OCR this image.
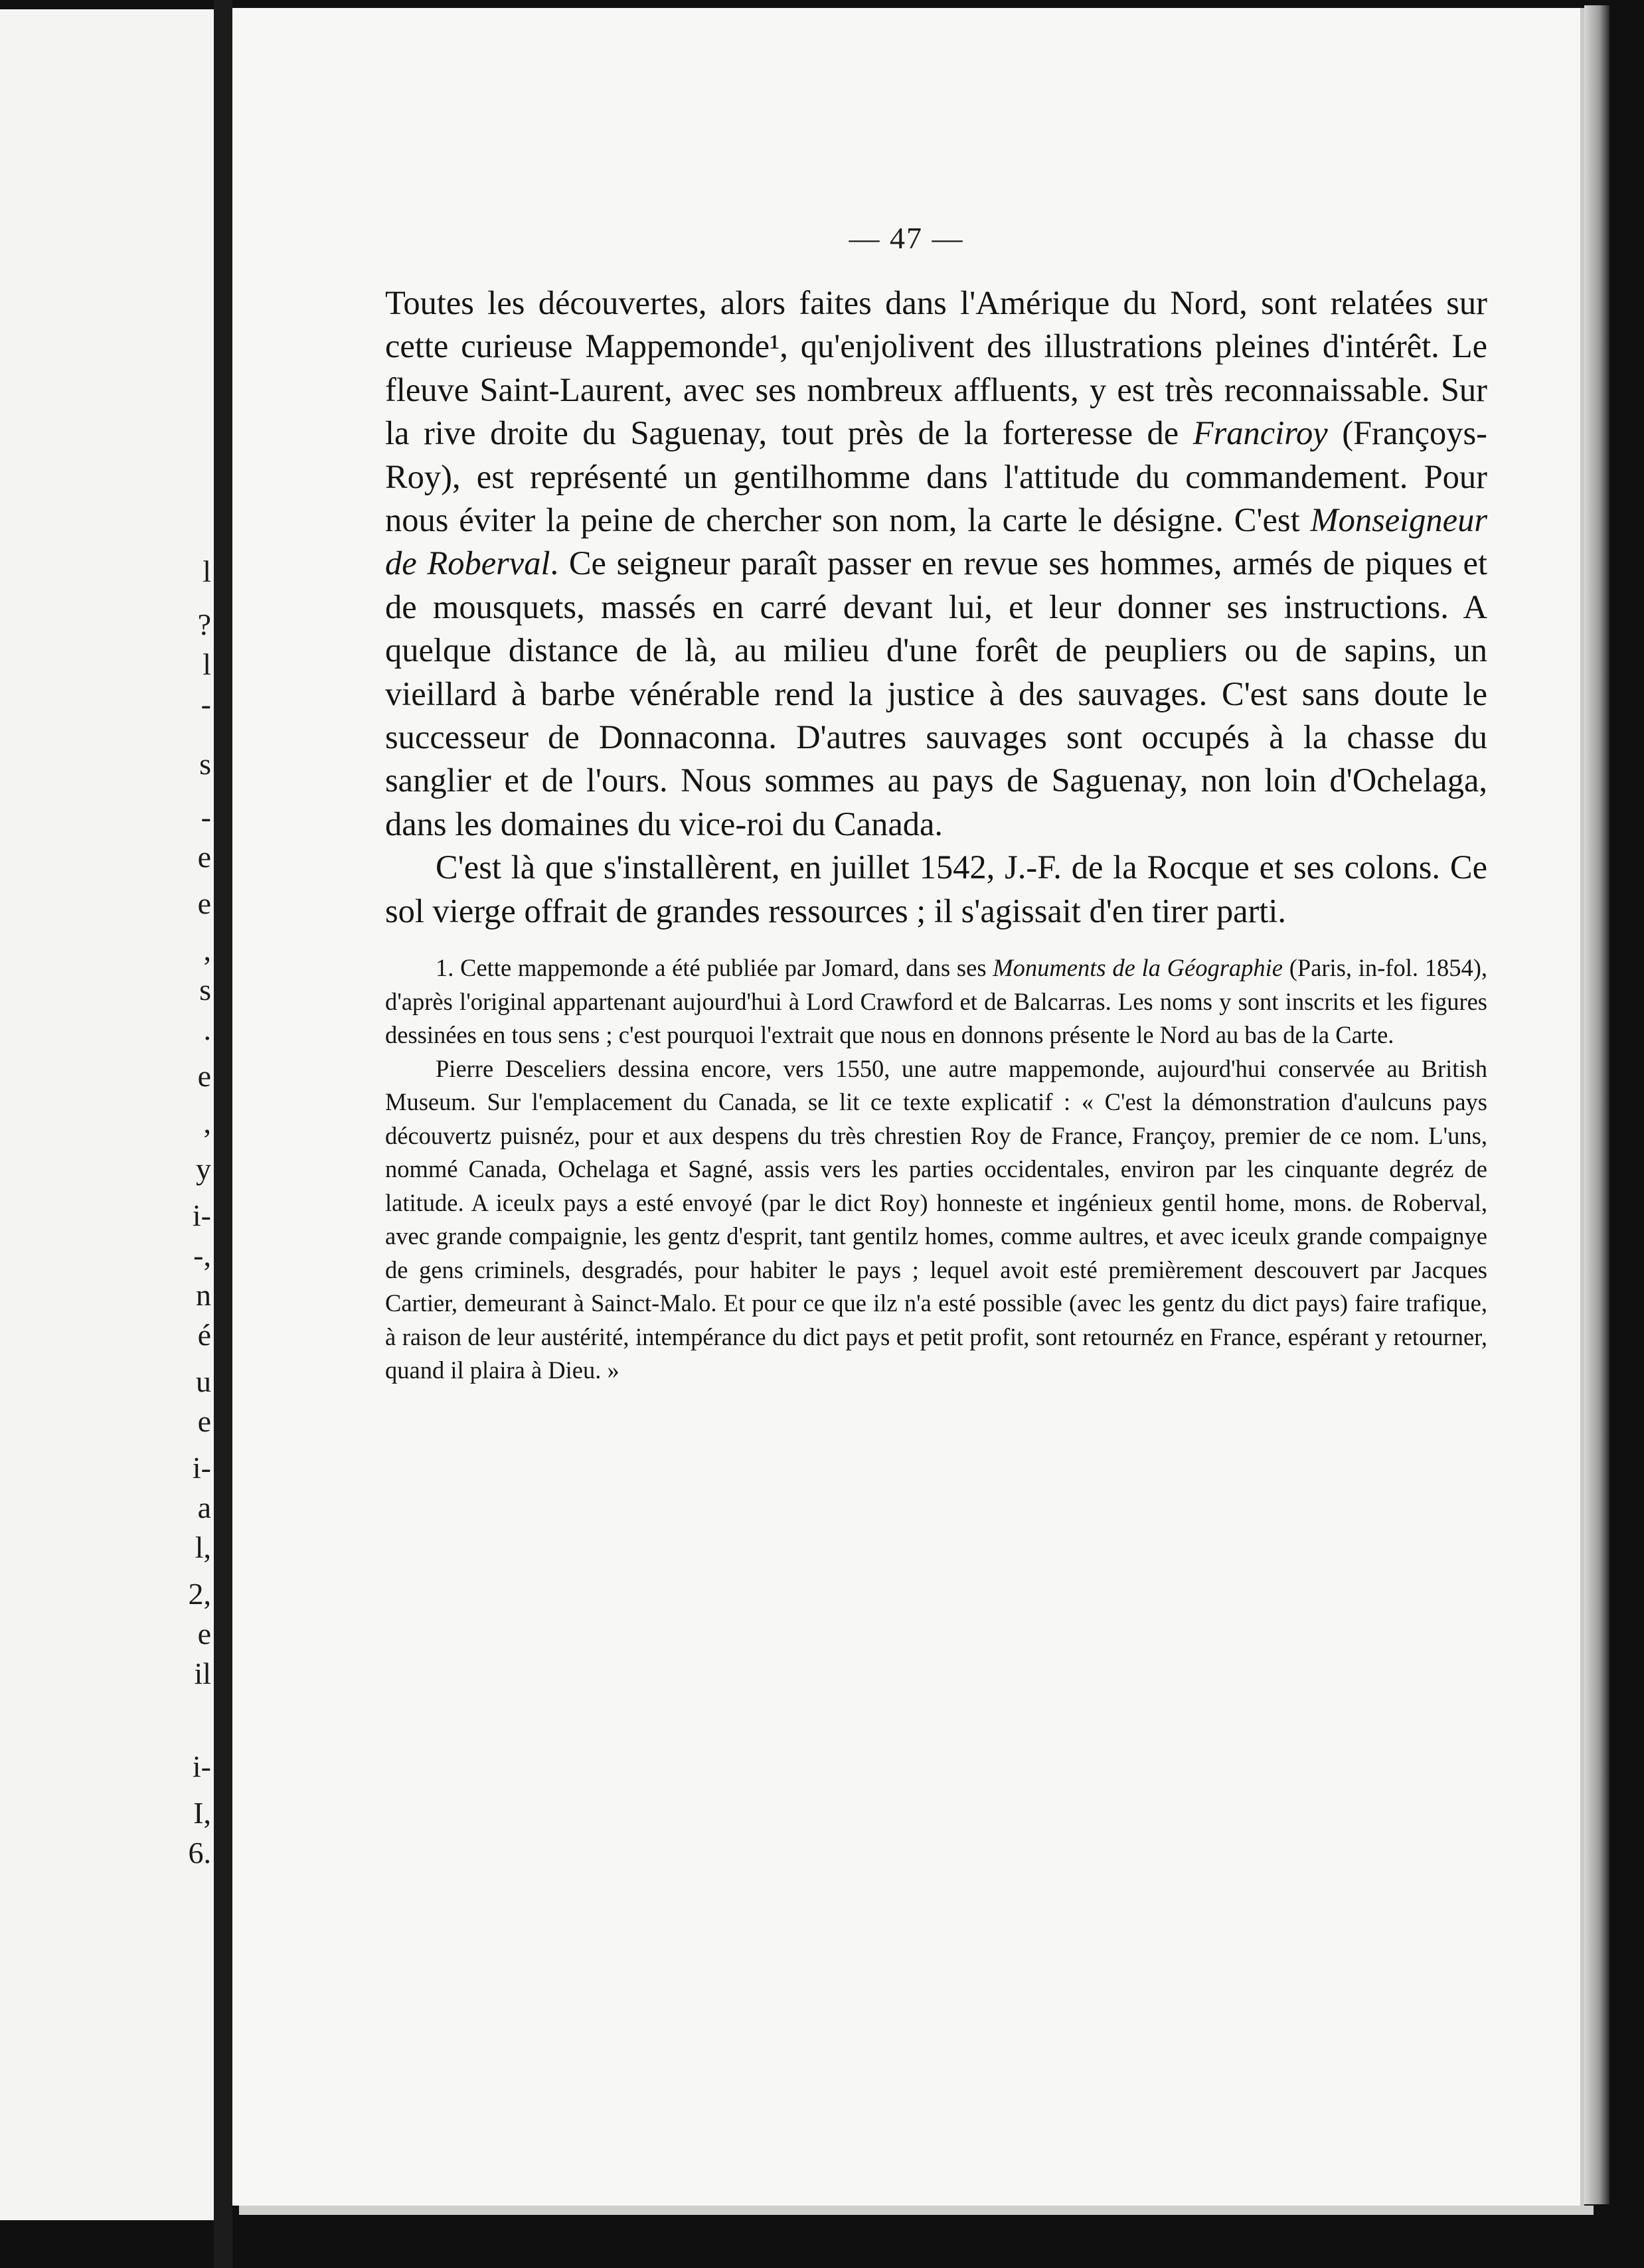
l
?
l
-
s
-
e
e
,
s
.
e
,
y
i-
-,
n
é
u
e
i-
a
l,
2,
e
il
i-
I,
6.
— 47 —

Toutes les découvertes, alors faites dans l'Amérique du Nord, sont relatées sur cette curieuse Mappemonde¹, qu'enjolivent des illustrations pleines d'intérêt. Le fleuve Saint-Laurent, avec ses nombreux affluents, y est très reconnaissable. Sur la rive droite du Saguenay, tout près de la forteresse de Franciroy (Françoys-Roy), est représenté un gentilhomme dans l'attitude du commandement. Pour nous éviter la peine de chercher son nom, la carte le désigne. C'est Monseigneur de Roberval. Ce seigneur paraît passer en revue ses hommes, armés de piques et de mousquets, massés en carré devant lui, et leur donner ses instructions. A quelque distance de là, au milieu d'une forêt de peupliers ou de sapins, un vieillard à barbe vénérable rend la justice à des sauvages. C'est sans doute le successeur de Donnaconna. D'autres sauvages sont occupés à la chasse du sanglier et de l'ours. Nous sommes au pays de Saguenay, non loin d'Ochelaga, dans les domaines du vice-roi du Canada.

C'est là que s'installèrent, en juillet 1542, J.-F. de la Rocque et ses colons. Ce sol vierge offrait de grandes ressources ; il s'agissait d'en tirer parti.

1. Cette mappemonde a été publiée par Jomard, dans ses Monuments de la Géographie (Paris, in-fol. 1854), d'après l'original appartenant aujourd'hui à Lord Crawford et de Balcarras. Les noms y sont inscrits et les figures dessinées en tous sens ; c'est pourquoi l'extrait que nous en donnons présente le Nord au bas de la Carte.

Pierre Desceliers dessina encore, vers 1550, une autre mappemonde, aujourd'hui conservée au British Museum. Sur l'emplacement du Canada, se lit ce texte explicatif : « C'est la démonstration d'aulcuns pays découvertz puisnéz, pour et aux despens du très chrestien Roy de France, Françoy, premier de ce nom. L'uns, nommé Canada, Ochelaga et Sagné, assis vers les parties occidentales, environ par les cinquante degréz de latitude. A iceulx pays a esté envoyé (par le dict Roy) honneste et ingénieux gentil home, mons. de Roberval, avec grande compaignie, les gentz d'esprit, tant gentilz homes, comme aultres, et avec iceulx grande compaignye de gens criminels, desgradés, pour habiter le pays ; lequel avoit esté premièrement descouvert par Jacques Cartier, demeurant à Sainct-Malo. Et pour ce que ilz n'a esté possible (avec les gentz du dict pays) faire trafique, à raison de leur austérité, intempérance du dict pays et petit profit, sont retournéz en France, espérant y retourner, quand il plaira à Dieu. »
